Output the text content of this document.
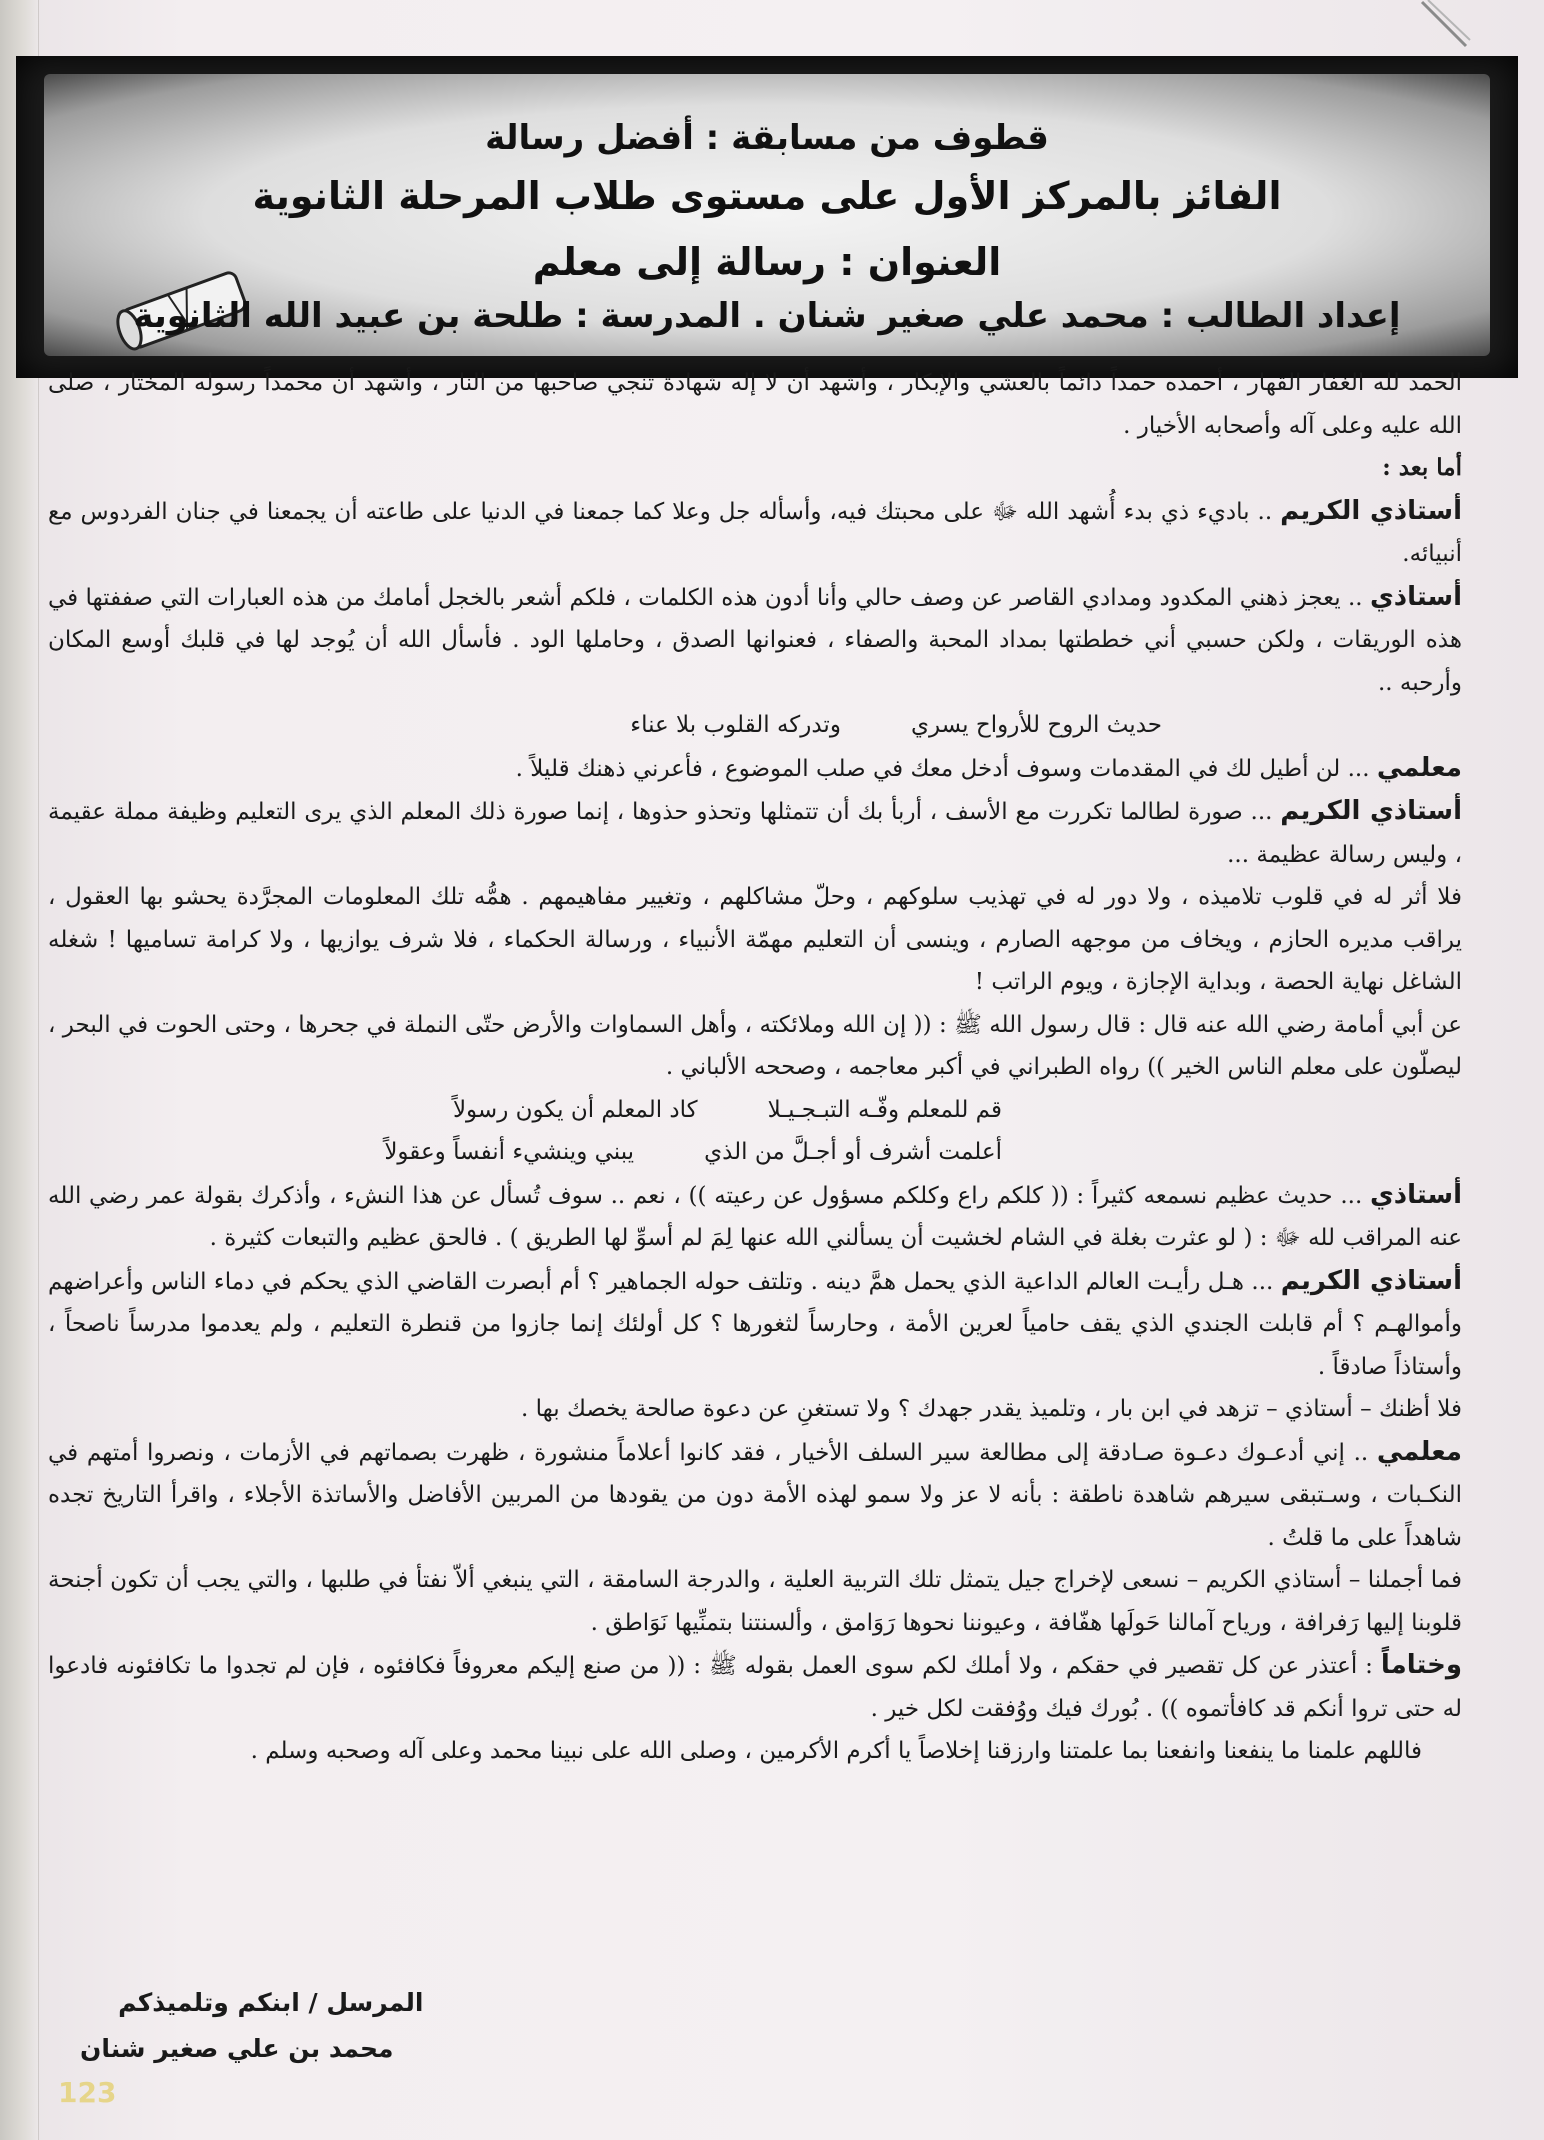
قطوف من مسابقة : أفضل رسالة
الفائز بالمركز الأول على مستوى طلاب المرحلة الثانوية
العنوان : رسالة إلى معلم
إعداد الطالب : محمد علي صغير شنان . المدرسة : طلحة بن عبيد الله الثانوية

الحمد لله الغفار القهار ، أحمده حمداً دائماً بالعشي والإبكار ، وأشهد أن لا إله شهادة تنجي صاحبها من النار ، وأشهد أن محمداً رسوله المختار ، صلى الله عليه وعلى آله وأصحابه الأخيار .

أما بعد :

أستاذي الكريم .. باديء ذي بدء أُشهد الله ﷻ على محبتك فيه، وأسأله جل وعلا كما جمعنا في الدنيا على طاعته أن يجمعنا في جنان الفردوس مع أنبيائه.

أستاذي .. يعجز ذهني المكدود ومدادي القاصر عن وصف حالي وأنا أدون هذه الكلمات ، فلكم أشعر بالخجل أمامك من هذه العبارات التي صففتها في هذه الوريقات ، ولكن حسبي أني خططتها بمداد المحبة والصفاء ، فعنوانها الصدق ، وحاملها الود . فأسأل الله أن يُوجد لها في قلبك أوسع المكان وأرحبه ..

حديث الروح للأرواح يسري
وتدركه القلوب بلا عناء

معلمي ... لن أطيل لك في المقدمات وسوف أدخل معك في صلب الموضوع ، فأعرني ذهنك قليلاً .

أستاذي الكريم ... صورة لطالما تكررت مع الأسف ، أربأ بك أن تتمثلها وتحذو حذوها ، إنما صورة ذلك المعلم الذي يرى التعليم وظيفة مملة عقيمة ، وليس رسالة عظيمة ...

فلا أثر له في قلوب تلاميذه ، ولا دور له في تهذيب سلوكهم ، وحلّ مشاكلهم ، وتغيير مفاهيمهم . همُّه تلك المعلومات المجرَّدة يحشو بها العقول ، يراقب مديره الحازم ، ويخاف من موجهه الصارم ، وينسى أن التعليم مهمّة الأنبياء ، ورسالة الحكماء ، فلا شرف يوازيها ، ولا كرامة تساميها ! شغله الشاغل نهاية الحصة ، وبداية الإجازة ، ويوم الراتب !

عن أبي أمامة رضي الله عنه قال : قال رسول الله ﷺ : (( إن الله وملائكته ، وأهل السماوات والأرض حتّى النملة في جحرها ، وحتى الحوت في البحر ، ليصلّون على معلم الناس الخير )) رواه الطبراني في أكبر معاجمه ، وصححه الألباني .

قم للمعلم وفّـه التبـجـيـلا
كاد المعلم أن يكون رسولاً

أعلمت أشرف أو أجـلَّ من الذي
يبني وينشيء أنفساً وعقولاً

أستاذي ... حديث عظيم نسمعه كثيراً : (( كلكم راع وكلكم مسؤول عن رعيته )) ، نعم .. سوف تُسأل عن هذا النشء ، وأذكرك بقولة عمر رضي الله عنه المراقب لله ﷻ : ( لو عثرت بغلة في الشام لخشيت أن يسألني الله عنها لِمَ لم أسوِّ لها الطريق ) . فالحق عظيم والتبعات كثيرة .

أستاذي الكريم ... هـل رأيـت العالم الداعية الذي يحمل همَّ دينه . وتلتف حوله الجماهير ؟ أم أبصرت القاضي الذي يحكم في دماء الناس وأعراضهم وأموالهـم ؟ أم قابلت الجندي الذي يقف حامياً لعرين الأمة ، وحارساً لثغورها ؟ كل أولئك إنما جازوا من قنطرة التعليم ، ولم يعدموا مدرساً ناصحاً ، وأستاذاً صادقاً .

فلا أظنك – أستاذي – تزهد في ابن بار ، وتلميذ يقدر جهدك ؟ ولا تستغنِ عن دعوة صالحة يخصك بها .

معلمي .. إني أدعـوك دعـوة صـادقة إلى مطالعة سير السلف الأخيار ، فقد كانوا أعلاماً منشورة ، ظهرت بصماتهم في الأزمات ، ونصروا أمتهم في النكـبات ، وسـتبقى سيرهم شاهدة ناطقة : بأنه لا عز ولا سمو لهذه الأمة دون من يقودها من المربين الأفاضل والأساتذة الأجلاء ، واقرأ التاريخ تجده شاهداً على ما قلتُ .

فما أجملنا – أستاذي الكريم – نسعى لإخراج جيل يتمثل تلك التربية العلية ، والدرجة السامقة ، التي ينبغي ألاّ نفتأ في طلبها ، والتي يجب أن تكون أجنحة قلوبنا إليها رَفرافة ، ورياح آمالنا حَولَها هفّافة ، وعيوننا نحوها رَوَامق ، وألسنتنا بتمنِّيها نَوَاطق .

وختاماً : أعتذر عن كل تقصير في حقكم ، ولا أملك لكم سوى العمل بقوله ﷺ : (( من صنع إليكم معروفاً فكافئوه ، فإن لم تجدوا ما تكافئونه فادعوا له حتى تروا أنكم قد كافأتموه )) . بُورك فيك ووُفقت لكل خير .

فاللهم علمنا ما ينفعنا وانفعنا بما علمتنا وارزقنا إخلاصاً يا أكرم الأكرمين ، وصلى الله على نبينا محمد وعلى آله وصحبه وسلم .

المرسل / ابنكم وتلميذكم
محمد بن علي صغير شنان
123
